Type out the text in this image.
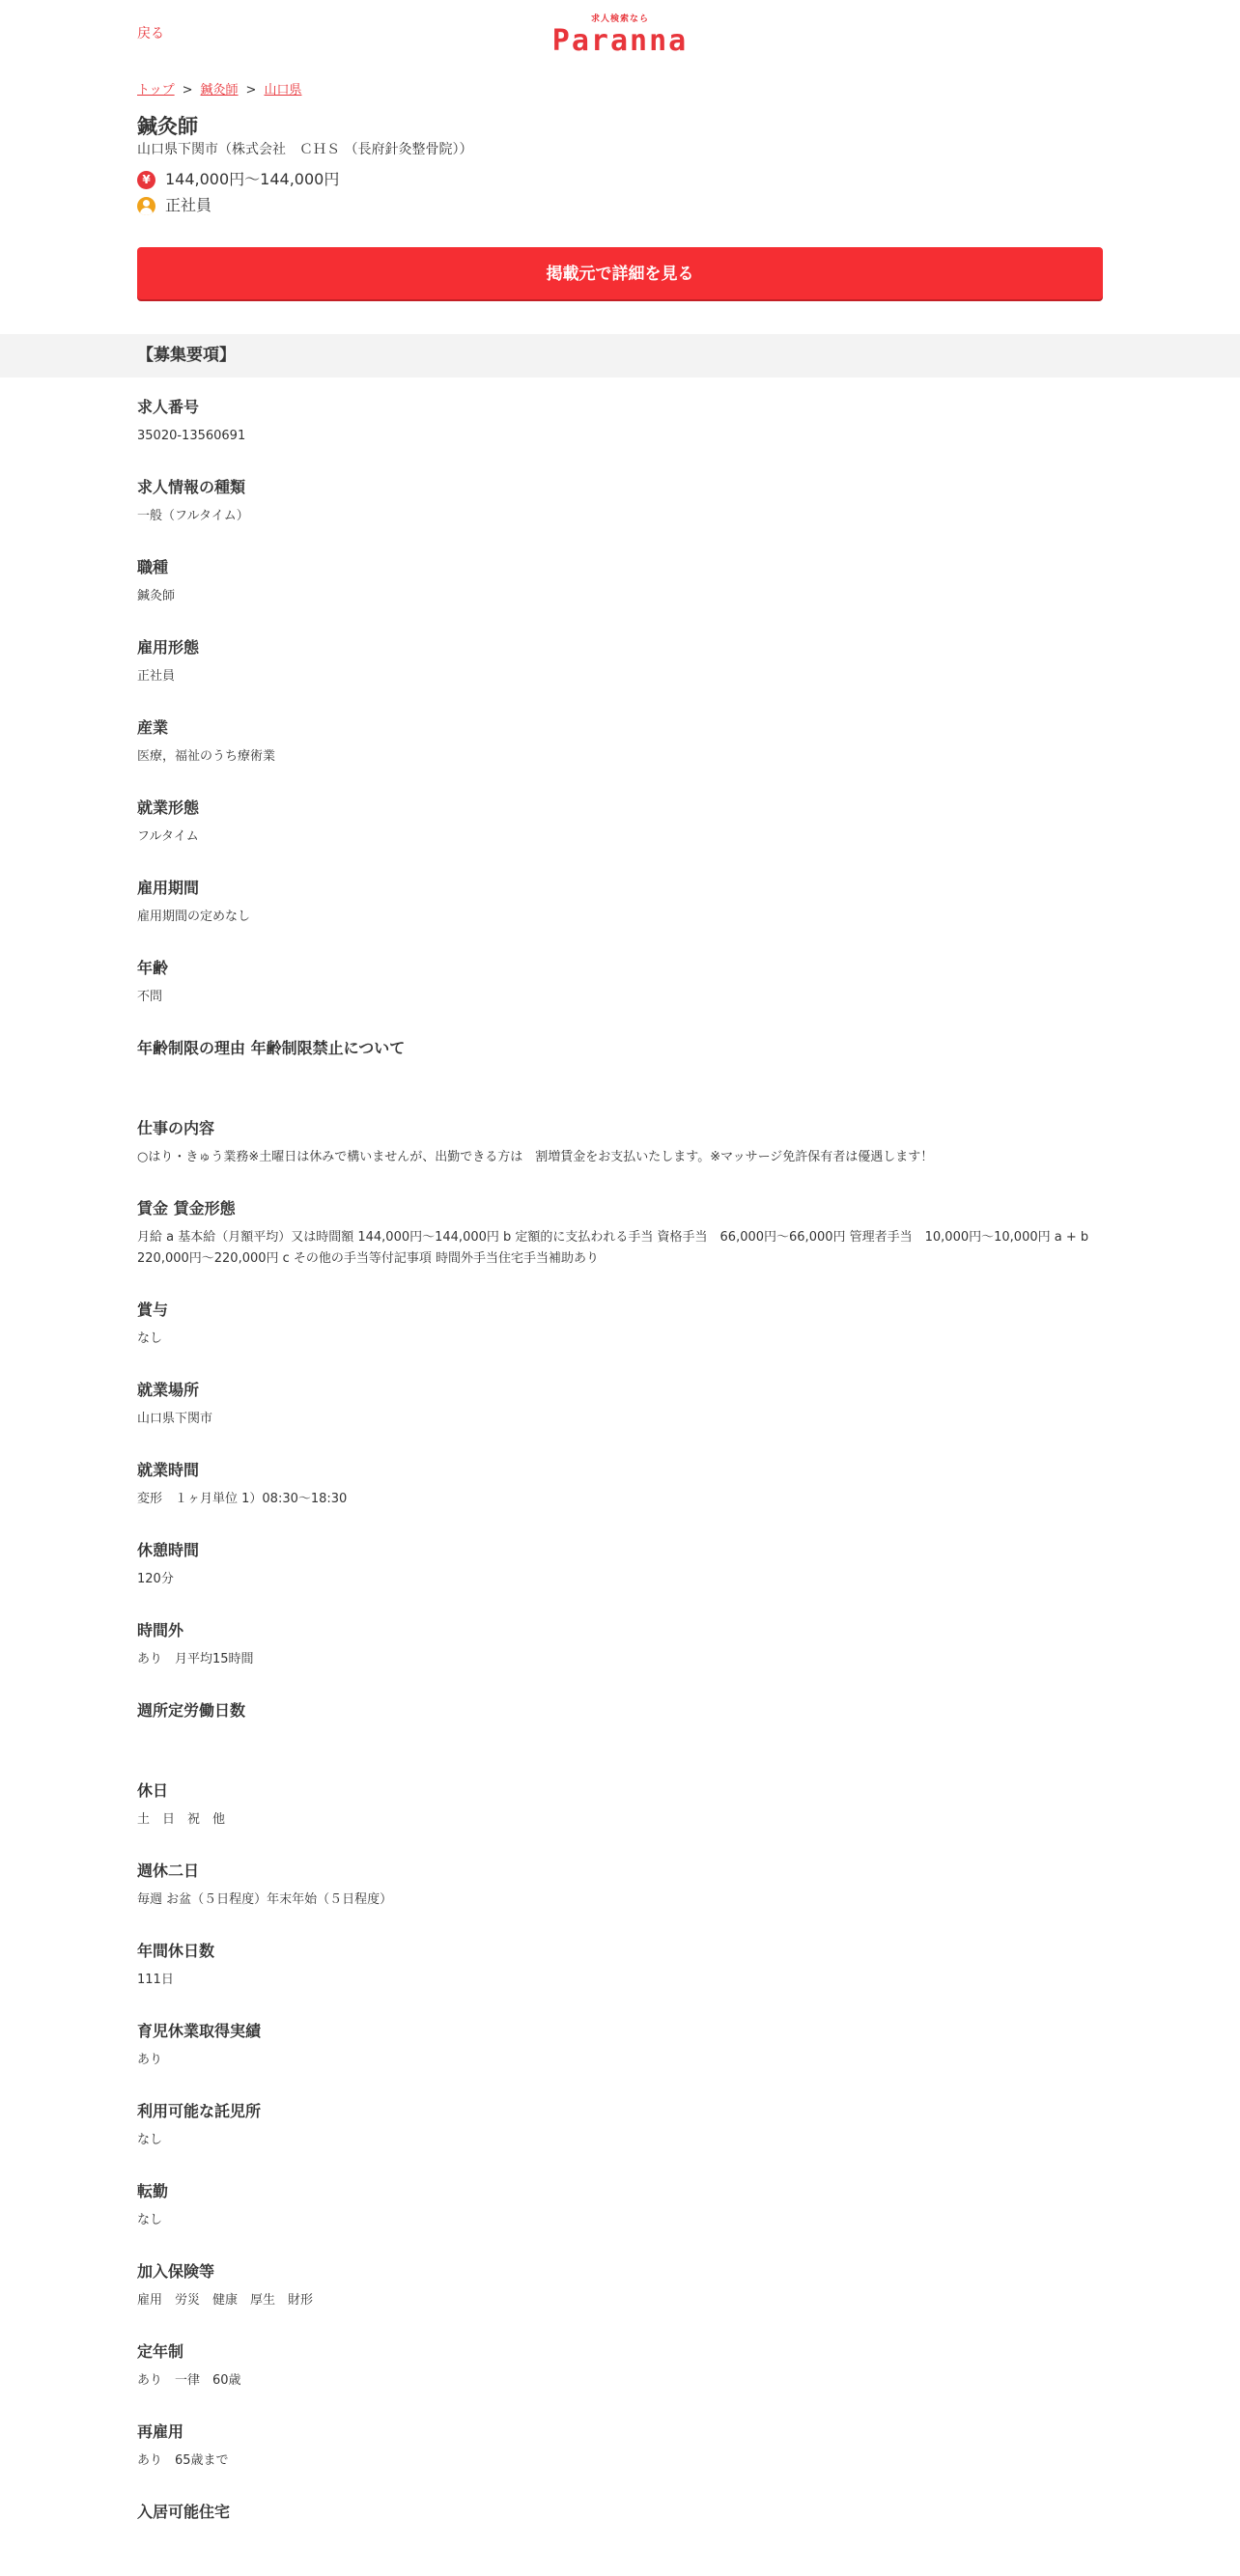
戻る
求人検索なら
Paranna
トップ > 鍼灸師 > 山口県
鍼灸師
山口県下関市（株式会社　ＣＨＳ （長府針灸整骨院））
¥ 144,000円～144,000円
正社員
掲載元で詳細を見る
【募集要項】
求人番号
35020-13560691
求人情報の種類
一般（フルタイム）
職種
鍼灸師
雇用形態
正社員
産業
医療，福祉のうち療術業
就業形態
フルタイム
雇用期間
雇用期間の定めなし
年齢
不問
年齢制限の理由 年齢制限禁止について
仕事の内容
○はり・きゅう業務※土曜日は休みで構いませんが、出勤できる方は　割増賃金をお支払いたします。※マッサージ免許保有者は優遇します！
賃金 賃金形態
月給 a 基本給（月額平均）又は時間額 144,000円～144,000円 b 定額的に支払われる手当 資格手当　66,000円～66,000円 管理者手当　10,000円～10,000円 a + b 220,000円～220,000円 c その他の手当等付記事項 時間外手当住宅手当補助あり
賞与
なし
就業場所
山口県下関市
就業時間
変形　１ヶ月単位 1）08:30～18:30
休憩時間
120分
時間外
あり　月平均15時間
週所定労働日数
休日
土　日　祝　他
週休二日
毎週 お盆（５日程度）年末年始（５日程度）
年間休日数
111日
育児休業取得実績
あり
利用可能な託児所
なし
転勤
なし
加入保険等
雇用　労災　健康　厚生　財形
定年制
あり　一律　60歳
再雇用
あり　65歳まで
入居可能住宅
